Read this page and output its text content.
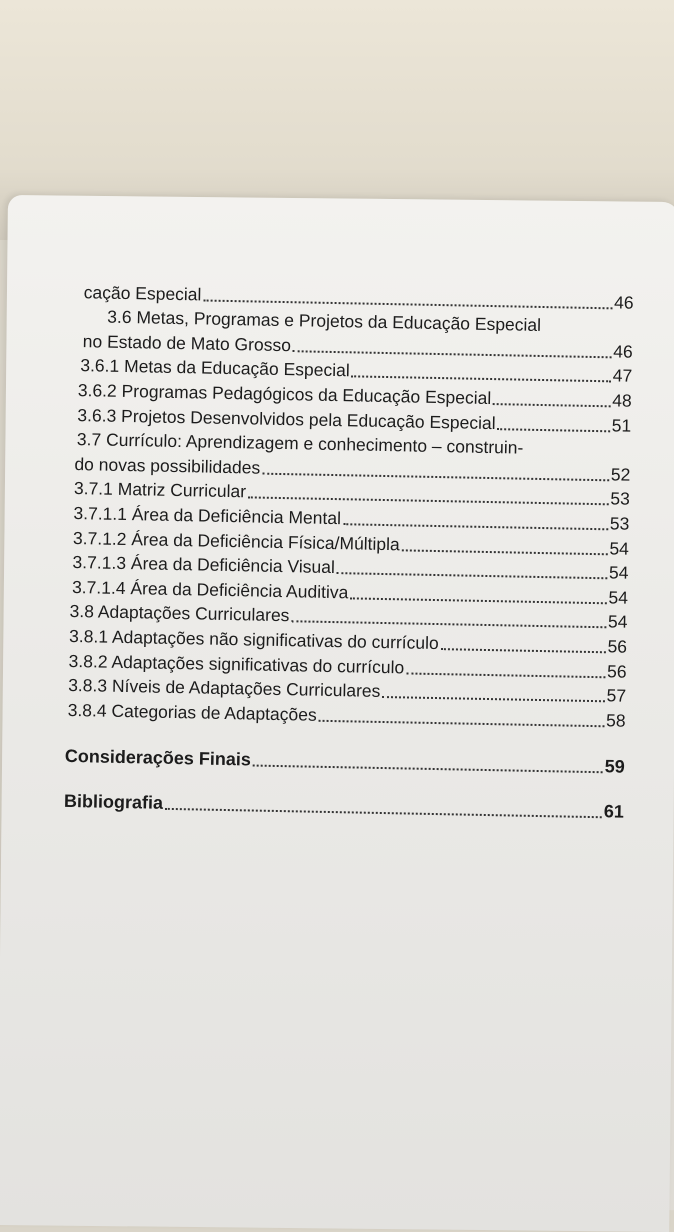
cação Especial	46
3.6 Metas, Programas e Projetos da Educação Especial
no Estado de Mato Grosso	46
3.6.1 Metas da Educação Especial	47
3.6.2 Programas Pedagógicos da Educação Especial	48
3.6.3 Projetos Desenvolvidos pela Educação Especial	51
3.7 Currículo: Aprendizagem e conhecimento – construin-
do novas possibilidades	52
3.7.1 Matriz Curricular	53
3.7.1.1 Área da Deficiência Mental	53
3.7.1.2 Área da Deficiência Física/Múltipla	54
3.7.1.3 Área da Deficiência Visual	54
3.7.1.4 Área da Deficiência Auditiva	54
3.8 Adaptações Curriculares	54
3.8.1 Adaptações não significativas do currículo	56
3.8.2 Adaptações significativas do currículo	56
3.8.3 Níveis de Adaptações Curriculares	57
3.8.4 Categorias de Adaptações	58
Considerações Finais	59
Bibliografia	61
